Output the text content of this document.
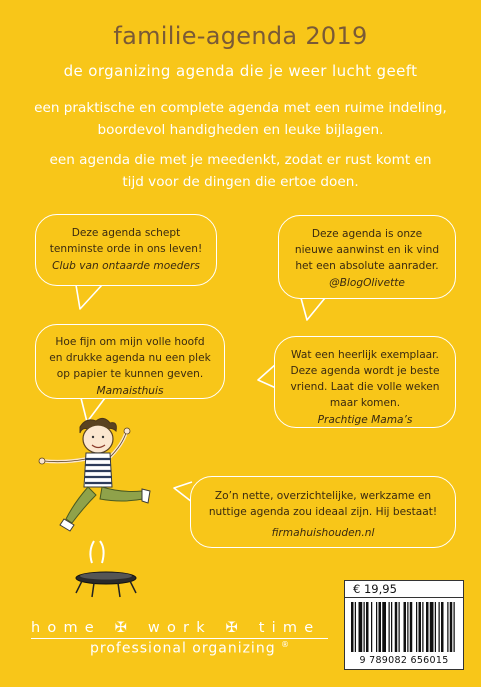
familie-agenda 2019
de organizing agenda die je weer lucht geeft
een praktische en complete agenda met een ruime indeling,
boordevol handigheden en leuke bijlagen.
een agenda die met je meedenkt, zodat er rust komt en
tijd voor de dingen die ertoe doen.
Deze agenda schept
tenminste orde in ons leven!
Club van ontaarde moeders
Deze agenda is onze
nieuwe aanwinst en ik vind
het een absolute aanrader.
@BlogOlivette
Hoe fijn om mijn volle hoofd
en drukke agenda nu een plek
op papier te kunnen geven.
Mamaisthuis
Wat een heerlijk exemplaar.
Deze agenda wordt je beste
vriend. Laat die volle weken
maar komen.
Prachtige Mama’s
Zo’n nette, overzichtelijke, werkzame en
nuttige agenda zou ideaal zijn. Hij bestaat!
firmahuishouden.nl
home ✠ work ✠ time
professional organizing ®
€ 19,95
9 789082 656015
